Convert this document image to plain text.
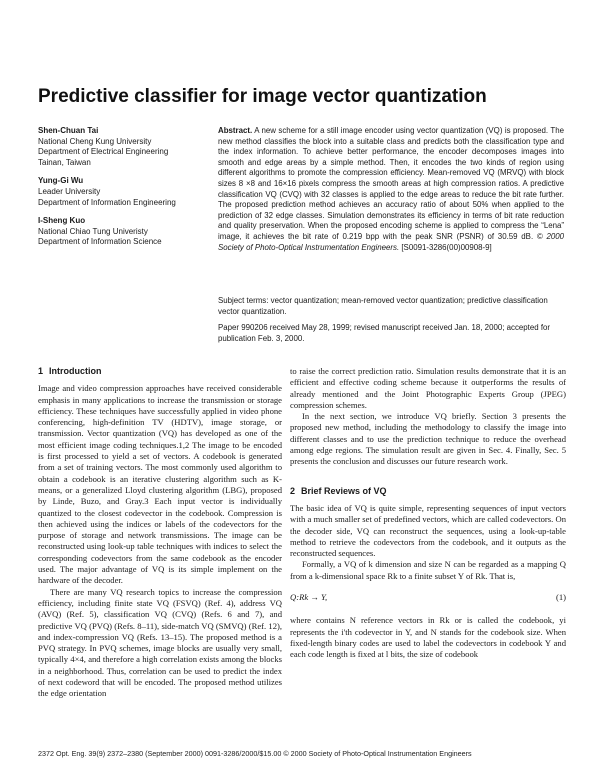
Predictive classifier for image vector quantization
Shen-Chuan Tai
National Cheng Kung University
Department of Electrical Engineering
Tainan, Taiwan
Yung-Gi Wu
Leader University
Department of Information Engineering
I-Sheng Kuo
National Chiao Tung Univeristy
Department of Information Science
Abstract. A new scheme for a still image encoder using vector quantization (VQ) is proposed. The new method classifies the block into a suitable class and predicts both the classification type and the index information. To achieve better performance, the encoder decomposes images into smooth and edge areas by a simple method. Then, it encodes the two kinds of region using different algorithms to promote the compression efficiency. Mean-removed VQ (MRVQ) with block sizes 8 ×8 and 16×16 pixels compress the smooth areas at high compression ratios. A predictive classification VQ (CVQ) with 32 classes is applied to the edge areas to reduce the bit rate further. The proposed prediction method achieves an accuracy ratio of about 50% when applied to the prediction of 32 edge classes. Simulation demonstrates its efficiency in terms of bit rate reduction and quality preservation. When the proposed encoding scheme is applied to compress the “Lena” image, it achieves the bit rate of 0.219 bpp with the peak SNR (PSNR) of 30.59 dB. © 2000 Society of Photo-Optical Instrumentation Engineers. [S0091-3286(00)00908-9]
Subject terms: vector quantization; mean-removed vector quantization; predictive classification vector quantization.
Paper 990206 received May 28, 1999; revised manuscript received Jan. 18, 2000; accepted for publication Feb. 3, 2000.
1 Introduction

Image and video compression approaches have received considerable emphasis in many applications to increase the transmission or storage efficiency. These techniques have successfully applied in video phone conferencing, high-definition TV (HDTV), image storage, or transmission. Vector quantization (VQ) has developed as one of the most efficient image coding techniques.1,2 The image to be encoded is first processed to yield a set of vectors. A codebook is generated from a set of training vectors. The most commonly used algorithm to obtain a codebook is an iterative clustering algorithm such as K-means, or a generalized Lloyd clustering algorithm (LBG), proposed by Linde, Buzo, and Gray.3 Each input vector is individually quantized to the closest codevector in the codebook. Compression is then achieved using the indices or labels of the codevectors for the purpose of storage and network transmissions. The image can be reconstructed using look-up table techniques with indices to select the corresponding codevectors from the same codebook as the encoder used. The major advantage of VQ is its simple implement on the hardware of the decoder.

There are many VQ research topics to increase the compression efficiency, including finite state VQ (FSVQ) (Ref. 4), address VQ (AVQ) (Ref. 5), classification VQ (CVQ) (Refs. 6 and 7), and predictive VQ (PVQ) (Refs. 8–11), side-match VQ (SMVQ) (Ref. 12), and index-compression VQ (Refs. 13–15). The proposed method is a PVQ strategy. In PVQ schemes, image blocks are usually very small, typically 4×4, and therefore a high correlation exists among the blocks in a neighborhood. Thus, correlation can be used to predict the index of next codeword that will be encoded. The proposed method utilizes the edge orientation

to raise the correct prediction ratio. Simulation results demonstrate that it is an efficient and effective coding scheme because it outperforms the results of already mentioned and the Joint Photographic Experts Group (JPEG) compression schemes.

In the next section, we introduce VQ briefly. Section 3 presents the proposed new method, including the methodology to classify the image into different classes and to use the prediction technique to reduce the overhead among edge regions. The simulation result are given in Sec. 4. Finally, Sec. 5 presents the conclusion and discusses our future research work.

2 Brief Reviews of VQ

The basic idea of VQ is quite simple, representing sequences of input vectors with a much smaller set of predefined vectors, which are called codevectors. On the decoder side, VQ can reconstruct the sequences, using a look-up-table method to retrieve the codevectors from the codebook, and it outputs as the reconstructed sequences.

Formally, a VQ of k dimension and size N can be regarded as a mapping Q from a k-dimensional space Rk to a finite subset Y of Rk. That is,

Q:Rk → Y,	(1)

where contains N reference vectors in Rk or is called the codebook, yi represents the i'th codevector in Y, and N stands for the codebook size. When fixed-length binary codes are used to label the codevectors in codebook Y and each code length is fixed at l bits, the size of codebook

2372 Opt. Eng. 39(9) 2372–2380 (September 2000) 0091-3286/2000/$15.00 © 2000 Society of Photo-Optical Instrumentation Engineers
